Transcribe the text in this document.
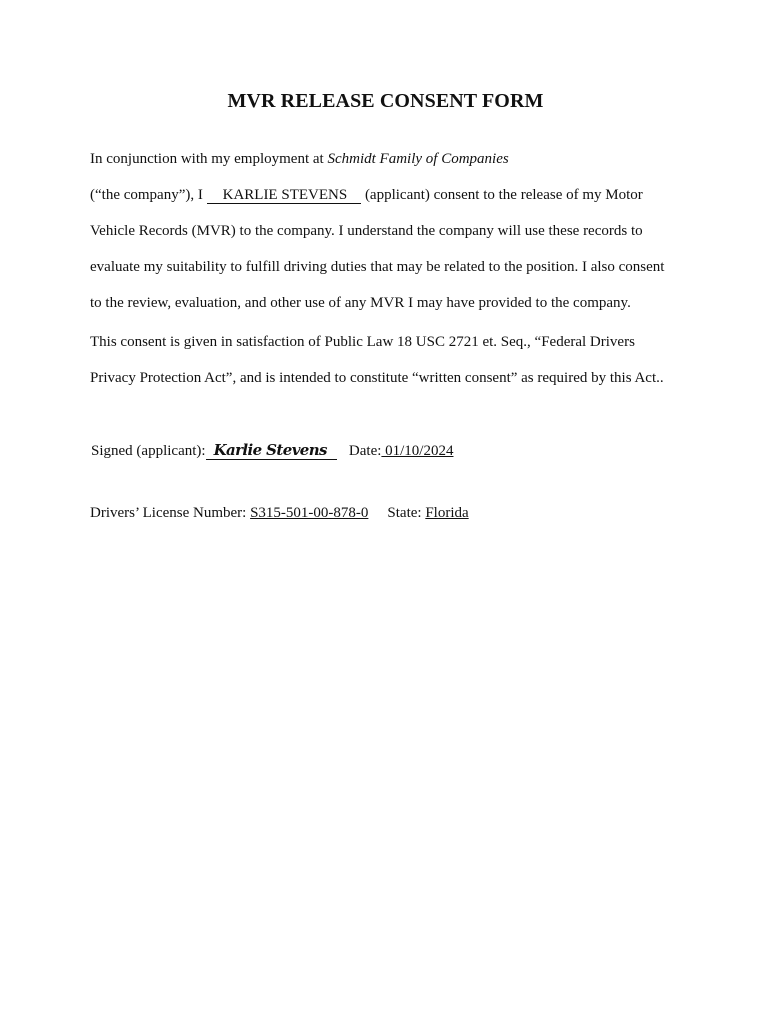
MVR RELEASE CONSENT FORM

In conjunction with my employment at Schmidt Family of Companies

(“the company”), I KARLIE STEVENS (applicant) consent to the release of my Motor

Vehicle Records (MVR) to the company. I understand the company will use these records to

evaluate my suitability to fulfill driving duties that may be related to the position. I also consent

to the review, evaluation, and other use of any MVR I may have provided to the company.

This consent is given in satisfaction of Public Law 18 USC 2721 et. Seq., “Federal Drivers

Privacy Protection Act”, and is intended to constitute “written consent” as required by this Act..

Signed (applicant): Karlie Stevens Date: 01/10/2024

Drivers’ License Number: S315-501-00-878-0 State: Florida
